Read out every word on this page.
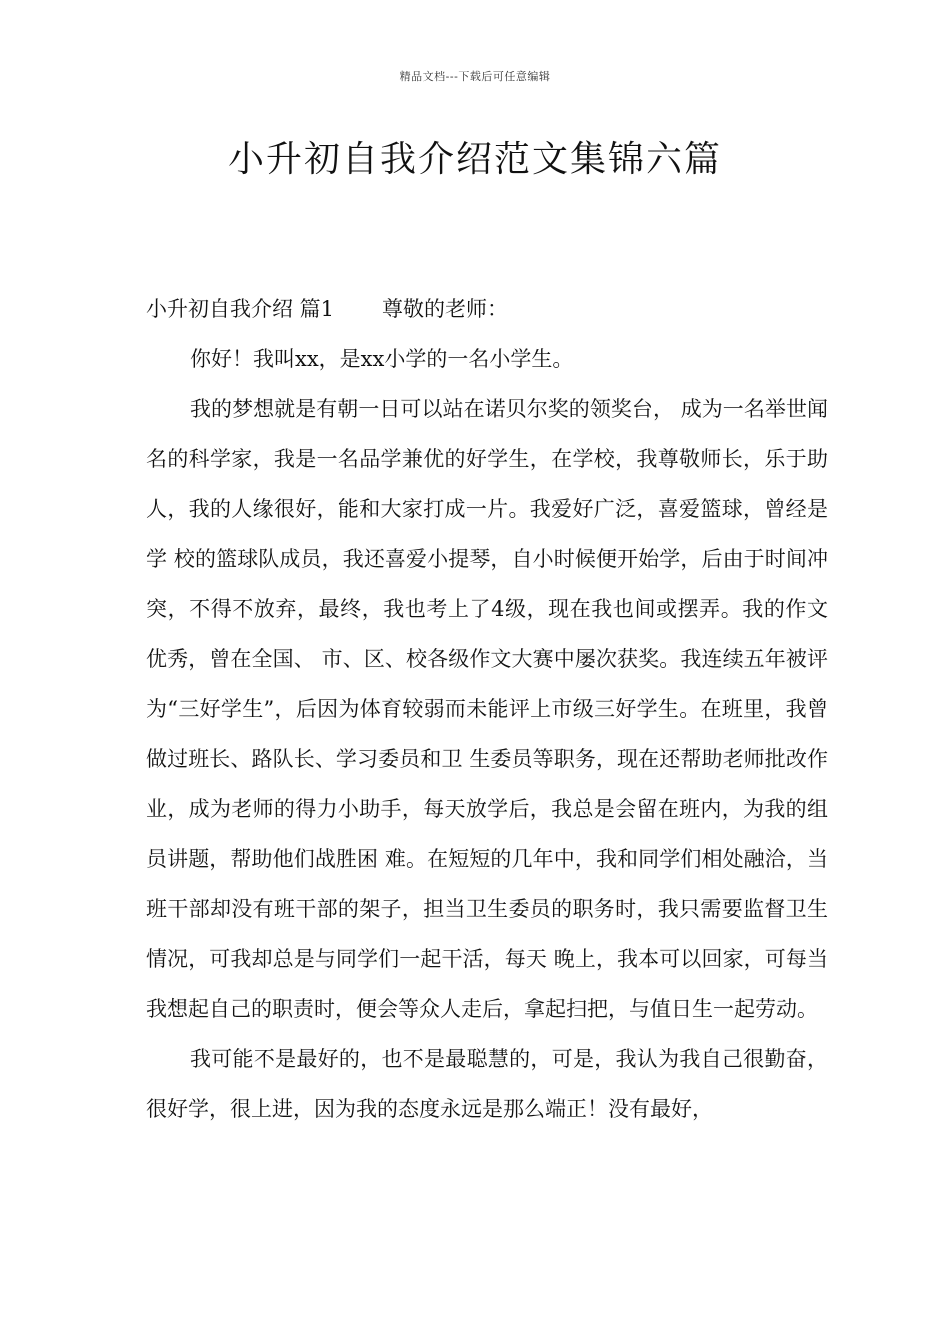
精品文档---下载后可任意编辑
小升初自我介绍范文集锦六篇

小升初自我介绍 篇1 尊敬的老师：

你好！我叫xx，是xx小学的一名小学生。

我的梦想就是有朝一日可以站在诺贝尔奖的领奖台， 成为一名举世闻名的科学家，我是一名品学兼优的好学生，在学校，我尊敬师长，乐于助人，我的人缘很好，能和大家打成一片。我爱好广泛，喜爱篮球，曾经是学 校的篮球队成员，我还喜爱小提琴，自小时候便开始学，后由于时间冲突，不得不放弃，最终，我也考上了4级，现在我也间或摆弄。我的作文优秀，曾在全国、 市、区、校各级作文大赛中屡次获奖。我连续五年被评为“三好学生”，后因为体育较弱而未能评上市级三好学生。在班里，我曾做过班长、路队长、学习委员和卫 生委员等职务，现在还帮助老师批改作业，成为老师的得力小助手，每天放学后，我总是会留在班内，为我的组员讲题，帮助他们战胜困 难。在短短的几年中，我和同学们相处融洽，当班干部却没有班干部的架子，担当卫生委员的职务时，我只需要监督卫生情况，可我却总是与同学们一起干活，每天 晚上，我本可以回家，可每当我想起自己的职责时，便会等众人走后，拿起扫把，与值日生一起劳动。

我可能不是最好的，也不是最聪慧的，可是，我认为我自己很勤奋，很好学，很上进，因为我的态度永远是那么端正！没有最好，
